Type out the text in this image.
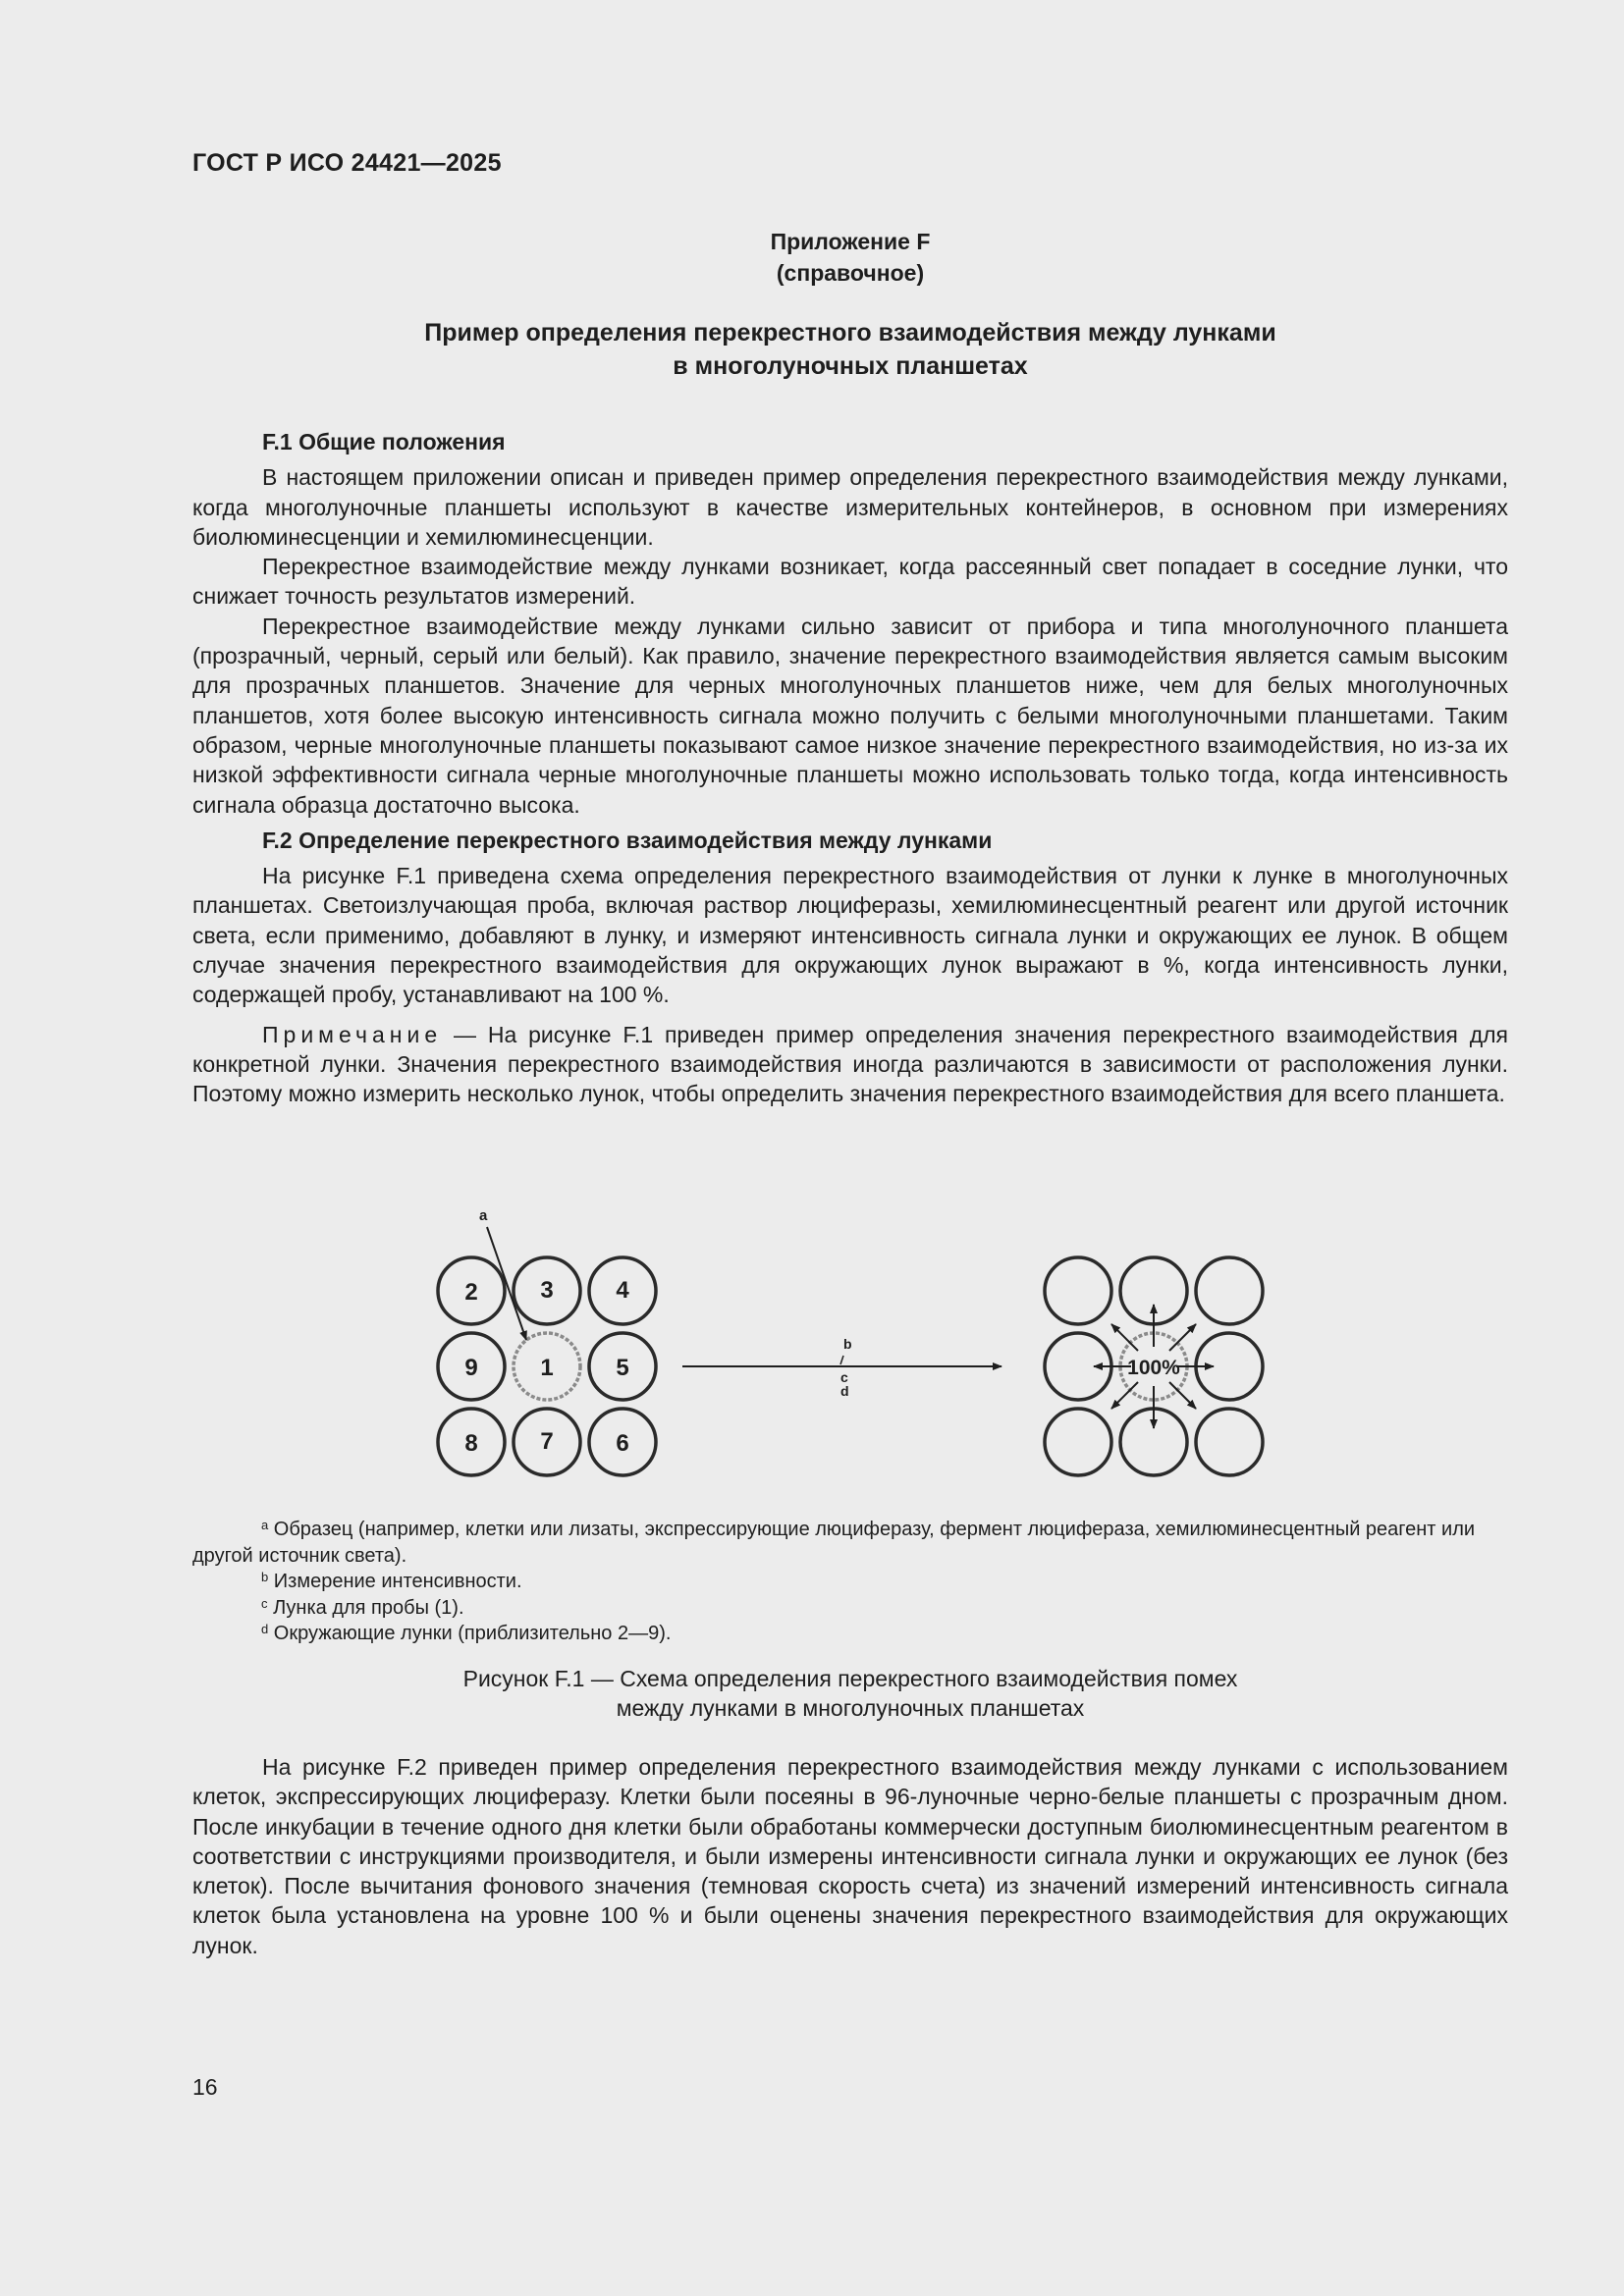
ГОСТ Р ИСО 24421—2025
Приложение F
(справочное)
Пример определения перекрестного взаимодействия между лунками
в многолуночных планшетах
F.1 Общие положения

В настоящем приложении описан и приведен пример определения перекрестного взаимодействия между лунками, когда многолуночные планшеты используют в качестве измерительных контейнеров, в основном при измерениях биолюминесценции и хемилюминесценции.

Перекрестное взаимодействие между лунками возникает, когда рассеянный свет попадает в соседние лунки, что снижает точность результатов измерений.

Перекрестное взаимодействие между лунками сильно зависит от прибора и типа многолуночного планшета (прозрачный, черный, серый или белый). Как правило, значение перекрестного взаимодействия является самым высоким для прозрачных планшетов. Значение для черных многолуночных планшетов ниже, чем для белых многолуночных планшетов, хотя более высокую интенсивность сигнала можно получить с белыми многолуночными планшетами. Таким образом, черные многолуночные планшеты показывают самое низкое значение перекрестного взаимодействия, но из-за их низкой эффективности сигнала черные многолуночные планшеты можно использовать только тогда, когда интенсивность сигнала образца достаточно высока.

F.2 Определение перекрестного взаимодействия между лунками

На рисунке F.1 приведена схема определения перекрестного взаимодействия от лунки к лунке в многолуночных планшетах. Светоизлучающая проба, включая раствор люциферазы, хемилюминесцентный реагент или другой источник света, если применимо, добавляют в лунку, и измеряют интенсивность сигнала лунки и окружающих ее лунок. В общем случае значения перекрестного взаимодействия для окружающих лунок выражают в %, когда интенсивность лунки, содержащей пробу, устанавливают на 100 %.

Примечание — На рисунке F.1 приведен пример определения значения перекрестного взаимодействия для конкретной лунки. Значения перекрестного взаимодействия иногда различаются в зависимости от расположения лунки. Поэтому можно измерить несколько лунок, чтобы определить значения перекрестного взаимодействия для всего планшета.

2	3	4
9	1	5
8	7	6
a
b
c
d
100%

$^a$ Образец (например, клетки или лизаты, экспрессирующие люциферазу, фермент люцифераза, хемилюминесцентный реагент или другой источник света).

$^b$ Измерение интенсивности.

$^c$ Лунка для пробы (1).

$^d$ Окружающие лунки (приблизительно 2—9).

Рисунок F.1 — Схема определения перекрестного взаимодействия помех
между лунками в многолуночных планшетах

На рисунке F.2 приведен пример определения перекрестного взаимодействия между лунками с использованием клеток, экспрессирующих люциферазу. Клетки были посеяны в 96-луночные черно-белые планшеты с прозрачным дном. После инкубации в течение одного дня клетки были обработаны коммерчески доступным биолюминесцентным реагентом в соответствии с инструкциями производителя, и были измерены интенсивности сигнала лунки и окружающих ее лунок (без клеток). После вычитания фонового значения (темновая скорость счета) из значений измерений интенсивность сигнала клеток была установлена на уровне 100 % и были оценены значения перекрестного взаимодействия для окружающих лунок.

16
